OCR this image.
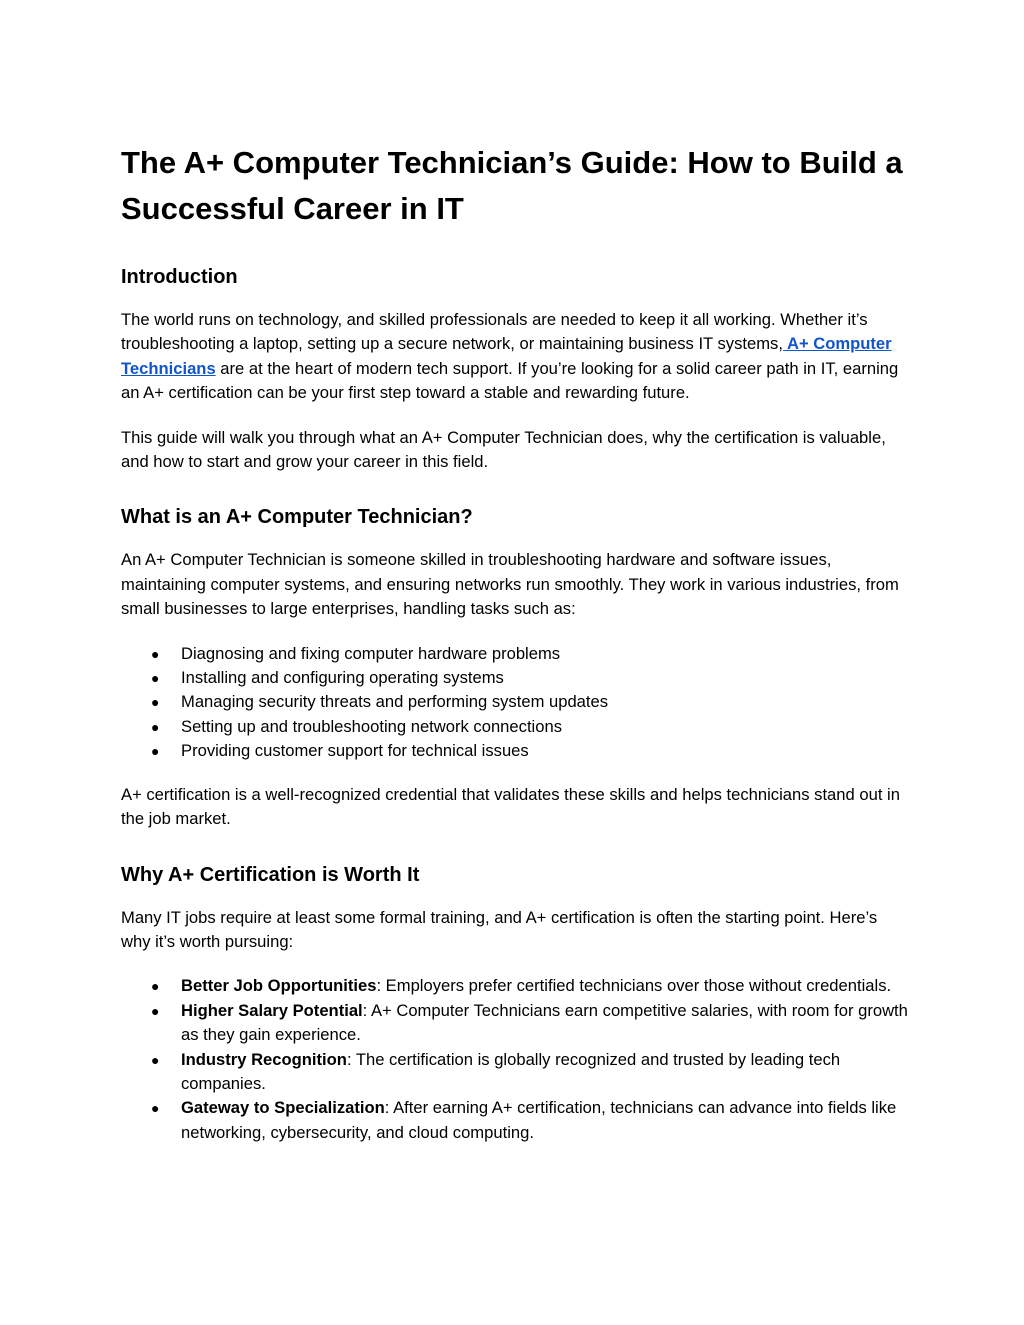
The A+ Computer Technician’s Guide: How to Build a Successful Career in IT
Introduction

The world runs on technology, and skilled professionals are needed to keep it all working. Whether it’s troubleshooting a laptop, setting up a secure network, or maintaining business IT systems, A+ Computer Technicians are at the heart of modern tech support. If you’re looking for a solid career path in IT, earning an A+ certification can be your first step toward a stable and rewarding future.

This guide will walk you through what an A+ Computer Technician does, why the certification is valuable, and how to start and grow your career in this field.

What is an A+ Computer Technician?

An A+ Computer Technician is someone skilled in troubleshooting hardware and software issues, maintaining computer systems, and ensuring networks run smoothly. They work in various industries, from small businesses to large enterprises, handling tasks such as:

● Diagnosing and fixing computer hardware problems
● Installing and configuring operating systems
● Managing security threats and performing system updates
● Setting up and troubleshooting network connections
● Providing customer support for technical issues

A+ certification is a well-recognized credential that validates these skills and helps technicians stand out in the job market.

Why A+ Certification is Worth It

Many IT jobs require at least some formal training, and A+ certification is often the starting point. Here’s why it’s worth pursuing:

● Better Job Opportunities: Employers prefer certified technicians over those without credentials.
● Higher Salary Potential: A+ Computer Technicians earn competitive salaries, with room for growth as they gain experience.
● Industry Recognition: The certification is globally recognized and trusted by leading tech companies.
● Gateway to Specialization: After earning A+ certification, technicians can advance into fields like networking, cybersecurity, and cloud computing.
